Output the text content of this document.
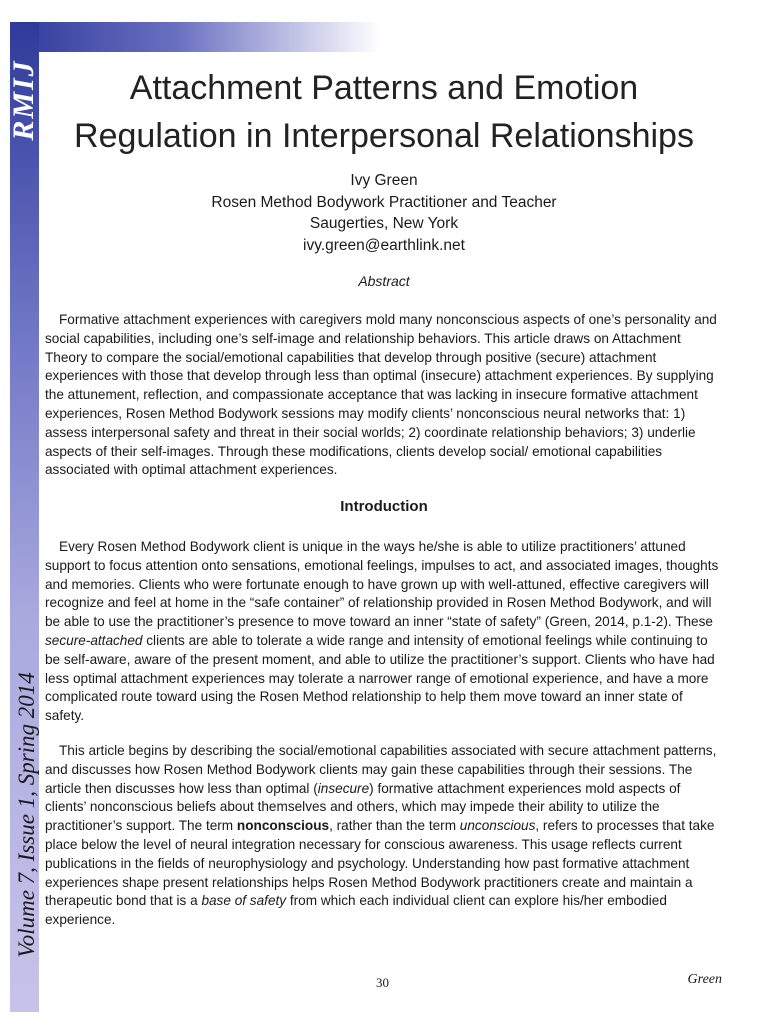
RMIJ
Volume 7, Issue 1, Spring 2014
Attachment Patterns and Emotion
Regulation in Interpersonal Relationships
Ivy Green
Rosen Method Bodywork Practitioner and Teacher
Saugerties, New York
ivy.green@earthlink.net
Abstract

Formative attachment experiences with caregivers mold many nonconscious aspects of one’s personality and social capabilities, including one’s self-image and relationship behaviors. This article draws on Attachment Theory to compare the social/emotional capabilities that develop through positive (secure) attachment experiences with those that develop through less than optimal (insecure) attachment experiences. By supplying the attunement, reflection, and compassionate acceptance that was lacking in insecure formative attachment experiences, Rosen Method Bodywork sessions may modify clients’ nonconscious neural networks that: 1) assess interpersonal safety and threat in their social worlds; 2) coordinate relationship behaviors; 3) underlie aspects of their self-images. Through these modifications, clients develop social/ emotional capabilities associated with optimal attachment experiences.

Introduction

Every Rosen Method Bodywork client is unique in the ways he/she is able to utilize practitioners’ attuned support to focus attention onto sensations, emotional feelings, impulses to act, and associated images, thoughts and memories. Clients who were fortunate enough to have grown up with well-attuned, effective caregivers will recognize and feel at home in the “safe container” of relationship provided in Rosen Method Bodywork, and will be able to use the practitioner’s presence to move toward an inner “state of safety” (Green, 2014, p.1-2). These secure-attached clients are able to tolerate a wide range and intensity of emotional feelings while continuing to be self-aware, aware of the present moment, and able to utilize the practitioner’s support. Clients who have had less optimal attachment experiences may tolerate a narrower range of emotional experience, and have a more complicated route toward using the Rosen Method relationship to help them move toward an inner state of safety.

This article begins by describing the social/emotional capabilities associated with secure attachment patterns, and discusses how Rosen Method Bodywork clients may gain these capabilities through their sessions. The article then discusses how less than optimal (insecure) formative attachment experiences mold aspects of clients’ nonconscious beliefs about themselves and others, which may impede their ability to utilize the practitioner’s support. The term nonconscious, rather than the term unconscious, refers to processes that take place below the level of neural integration necessary for conscious awareness. This usage reflects current publications in the fields of neurophysiology and psychology. Understanding how past formative attachment experiences shape present relationships helps Rosen Method Bodywork practitioners create and maintain a therapeutic bond that is a base of safety from which each individual client can explore his/her embodied experience.

30	Green
